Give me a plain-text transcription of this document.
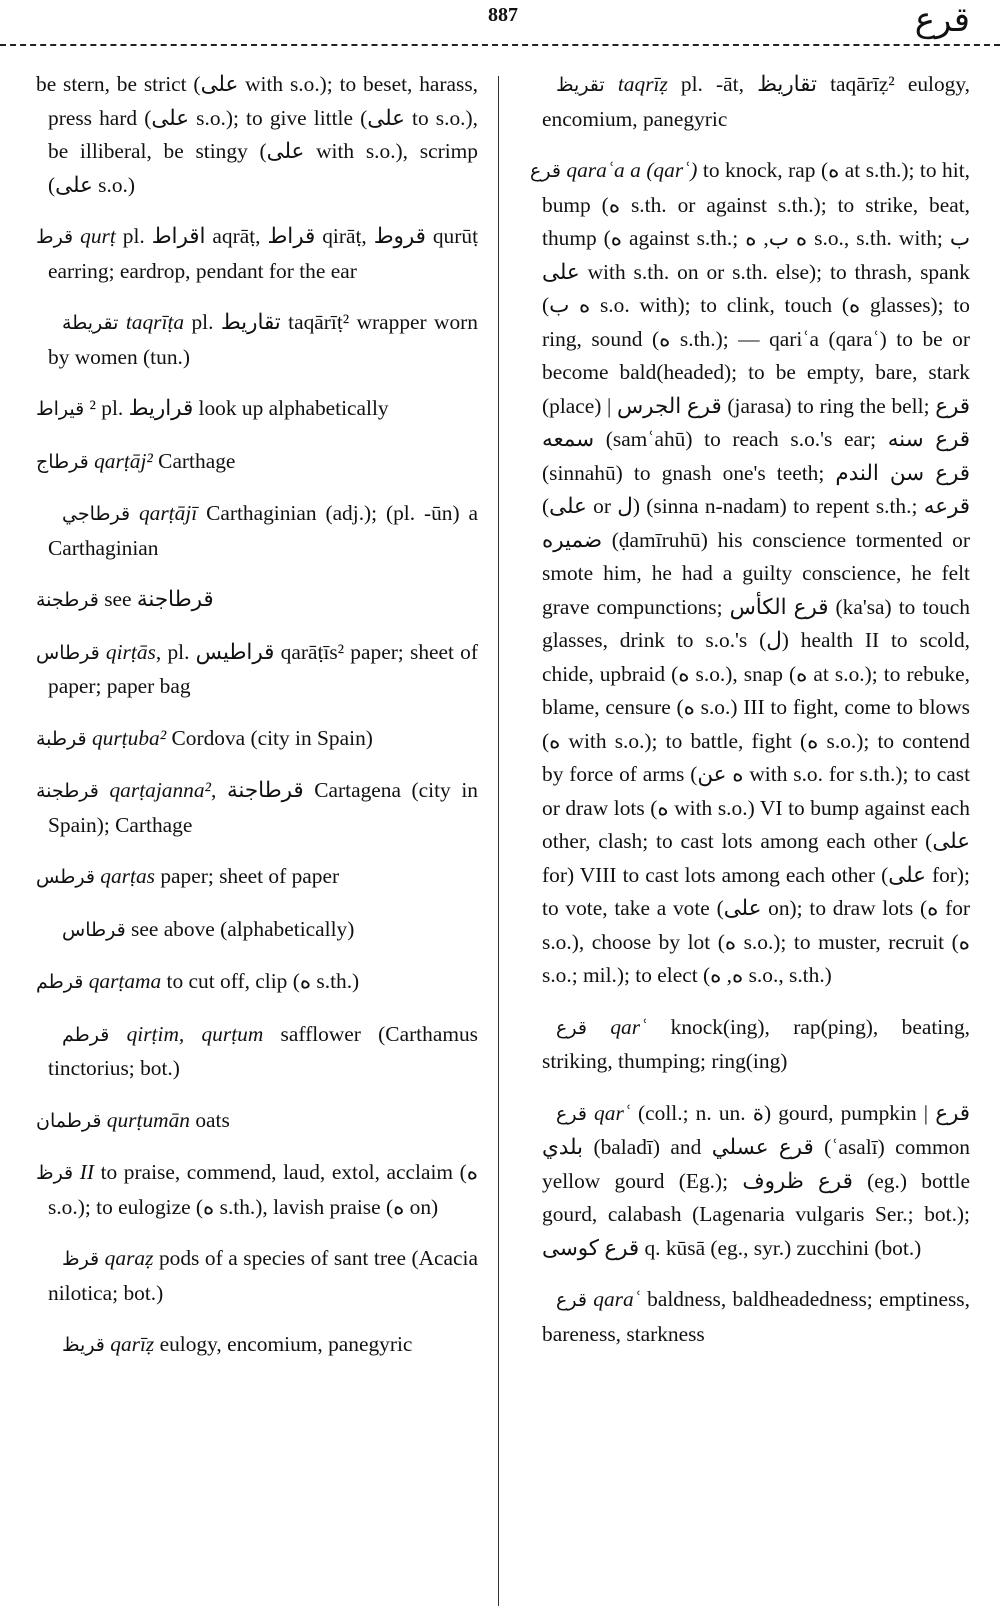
887	قرع

be stern, be strict (على with s.o.); to beset, harass, press hard (على s.o.); to give little (على to s.o.), be illiberal, be stingy (على with s.o.), scrimp (على s.o.)

قرط qurṭ pl. اقراط aqrāṭ, قراط qirāṭ, قروط qurūṭ earring; eardrop, pendant for the ear

تقريطة taqrīṭa pl. تقاريط taqārīṭ² wrapper worn by women (tun.)

قيراط ² pl. قراريط look up alphabetically

قرطاج qarṭāj² Carthage

قرطاجي qarṭājī Carthaginian (adj.); (pl. -ūn) a Carthaginian

قرطجنة see قرطاجنة

قرطاس qirṭās, pl. قراطيس qarāṭīs² paper; sheet of paper; paper bag

قرطبة qurṭuba² Cordova (city in Spain)

قرطجنة qarṭajanna², قرطاجنة Cartagena (city in Spain); Carthage

قرطس qarṭas paper; sheet of paper

قرطاس see above (alphabetically)

قرطم qarṭama to cut off, clip (ه s.th.)

قرطم qirṭim, qurṭum safflower (Carthamus tinctorius; bot.)

قرطمان qurṭumān oats

قرظ II to praise, commend, laud, extol, acclaim (ه s.o.); to eulogize (ه s.th.), lavish praise (ه on)

قرظ qaraẓ pods of a species of sant tree (Acacia nilotica; bot.)

قريظ qarīẓ eulogy, encomium, panegyric

تقريظ taqrīẓ pl. -āt, تقاريظ taqārīẓ² eulogy, encomium, panegyric

قرع qaraʿa a (qarʿ) to knock, rap (ه at s.th.); to hit, bump (ه s.th. or against s.th.); to strike, beat, thump (ه against s.th.; ه ب, ه s.o., s.th. with; ب على with s.th. on or s.th. else); to thrash, spank (ه ب s.o. with); to clink, touch (ه glasses); to ring, sound (ه s.th.); — qariʿa (qaraʿ) to be or become bald(headed); to be empty, bare, stark (place) | قرع الجرس (jarasa) to ring the bell; قرع سمعه (samʿahū) to reach s.o.'s ear; قرع سنه (sinnahū) to gnash one's teeth; قرع سن الندم (على or ل) (sinna n-nadam) to repent s.th.; قرعه ضميره (ḍamīruhū) his conscience tormented or smote him, he had a guilty conscience, he felt grave compunctions; قرع الكأس (ka'sa) to touch glasses, drink to s.o.'s (ل) health II to scold, chide, upbraid (ه s.o.), snap (ه at s.o.); to rebuke, blame, censure (ه s.o.) III to fight, come to blows (ه with s.o.); to battle, fight (ه s.o.); to contend by force of arms (ه عن with s.o. for s.th.); to cast or draw lots (ه with s.o.) VI to bump against each other, clash; to cast lots among each other (على for) VIII to cast lots among each other (على for); to vote, take a vote (على on); to draw lots (ه for s.o.), choose by lot (ه s.o.); to muster, recruit (ه s.o.; mil.); to elect (ه, ه s.o., s.th.)

قرع qarʿ knock(ing), rap(ping), beating, striking, thumping; ring(ing)

قرع qarʿ (coll.; n. un. ة) gourd, pumpkin | قرع بلدي (baladī) and قرع عسلي (ʿasalī) common yellow gourd (Eg.); قرع ظروف (eg.) bottle gourd, calabash (Lagenaria vulgaris Ser.; bot.); قرع كوسى q. kūsā (eg., syr.) zucchini (bot.)

قرع qaraʿ baldness, baldheadedness; emptiness, bareness, starkness
